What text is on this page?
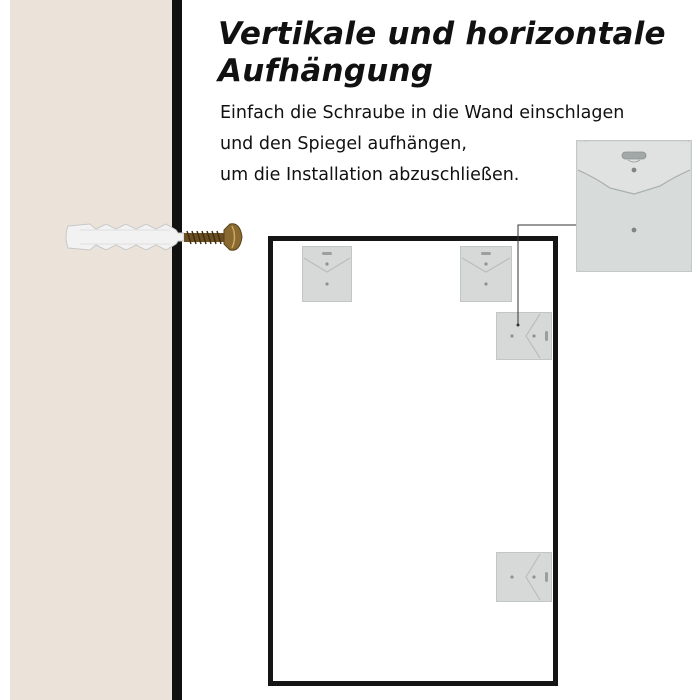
Vertikale und horizontale
Aufhängung
Einfach die Schraube in die Wand einschlagen
und den Spiegel aufhängen,
um die Installation abzuschließen.
